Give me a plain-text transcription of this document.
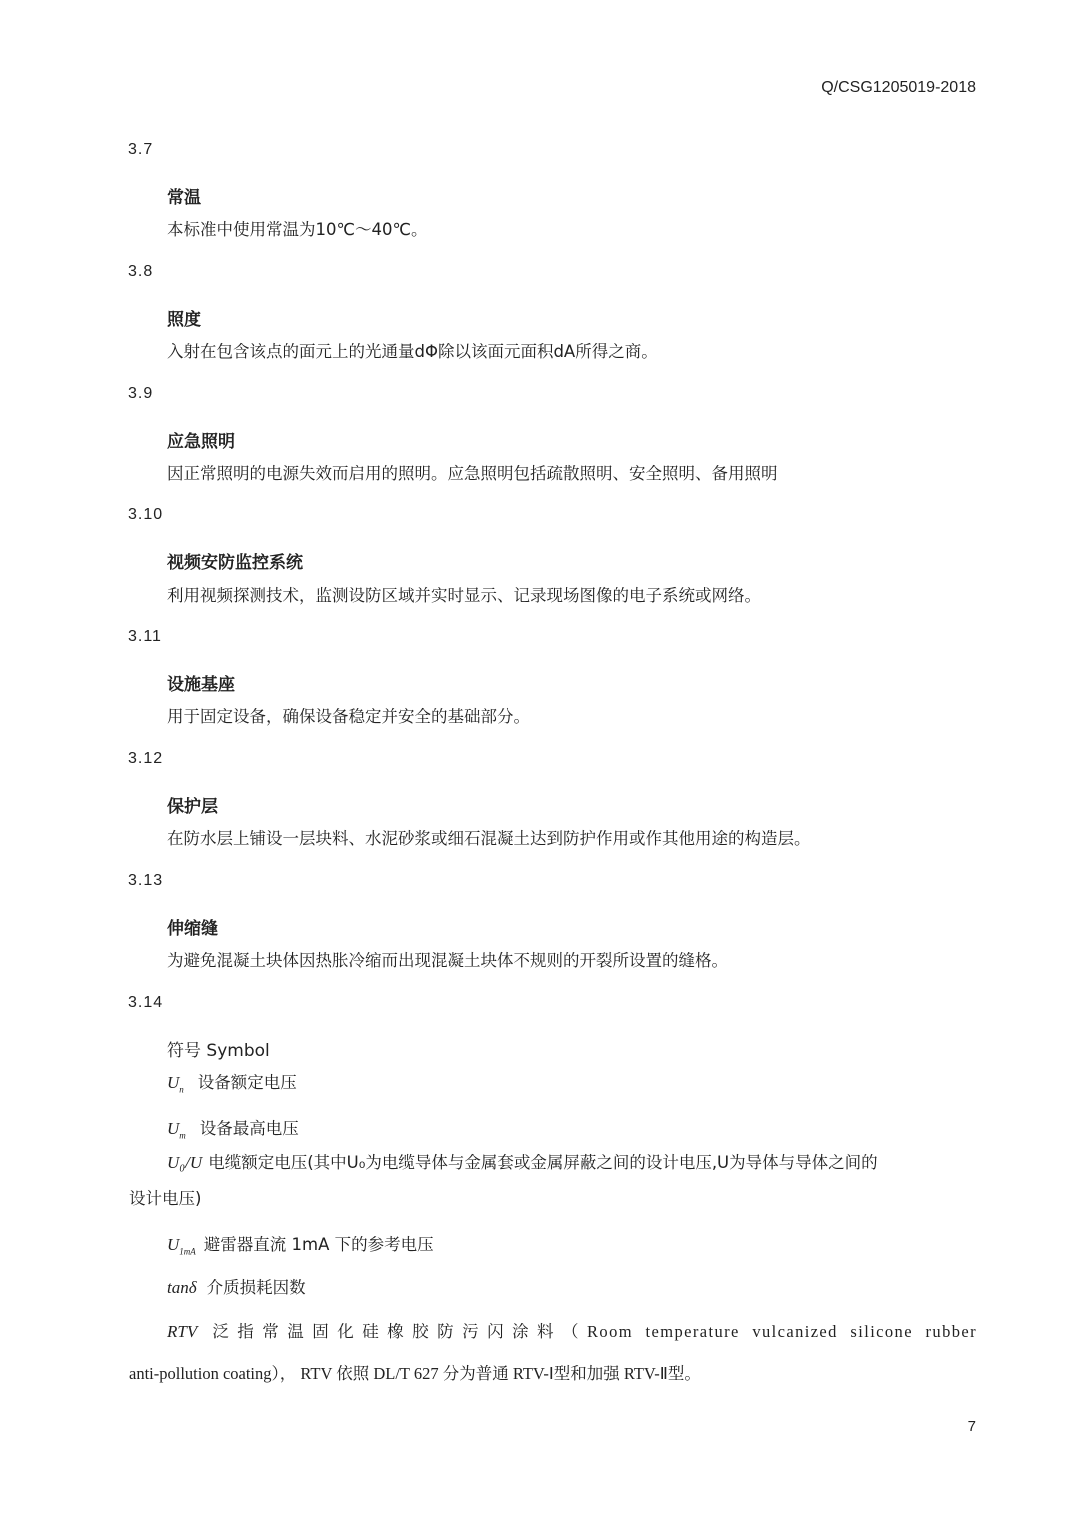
Q/CSG1205019-2018
3.7
常温
本标准中使用常温为10℃～40℃。
3.8
照度
入射在包含该点的面元上的光通量dΦ除以该面元面积dA所得之商。
3.9
应急照明
因正常照明的电源失效而启用的照明。应急照明包括疏散照明、安全照明、备用照明
3.10
视频安防监控系统
利用视频探测技术，监测设防区域并实时显示、记录现场图像的电子系统或网络。
3.11
设施基座
用于固定设备，确保设备稳定并安全的基础部分。
3.12
保护层
在防水层上铺设一层块料、水泥砂浆或细石混凝土达到防护作用或作其他用途的构造层。
3.13
伸缩缝
为避免混凝土块体因热胀冷缩而出现混凝土块体不规则的开裂所设置的缝格。
3.14
符号 Symbol
$U_n$ 设备额定电压
$U_m$ 设备最高电压
U₀/U 电缆额定电压(其中U₀为电缆导体与金属套或金属屏蔽之间的设计电压,U为导体与导体之间的
设计电压)
$U_{1mA}$ 避雷器直流 1mA 下的参考电压
tanδ 介质损耗因数
RTV 泛指常温固化硅橡胶防污闪涂料（Room temperature vulcanized silicone rubber
anti-pollution coating）， RTV 依照 DL/T 627 分为普通 RTV-Ⅰ型和加强 RTV-Ⅱ型。
7
